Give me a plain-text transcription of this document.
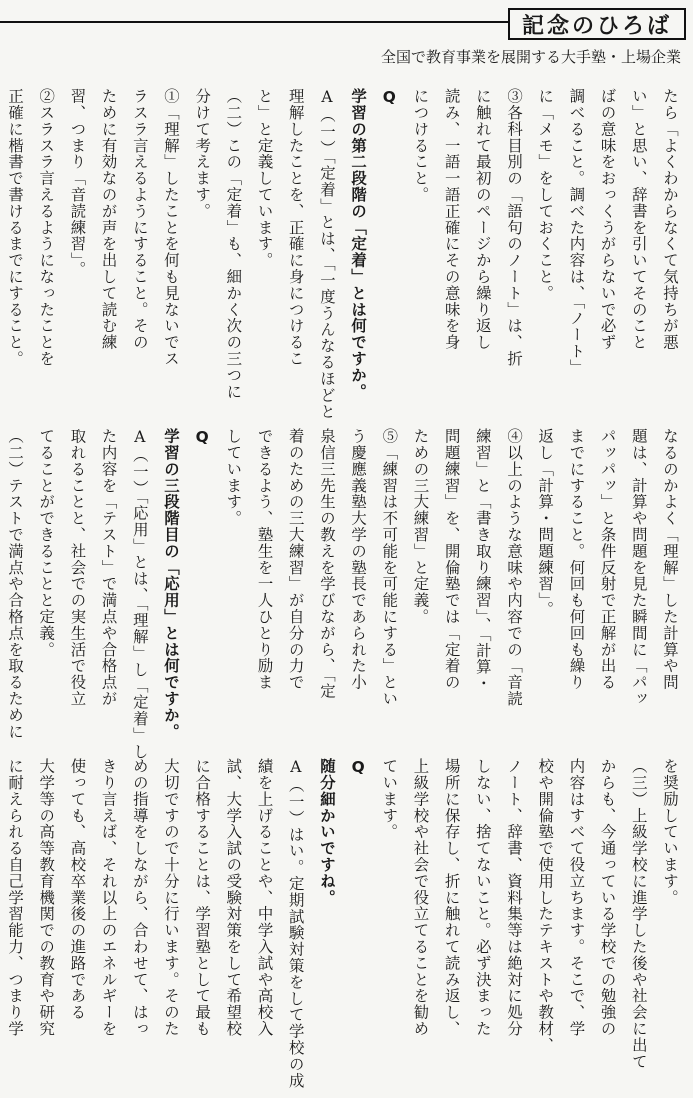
記念のひろば
全国で教育事業を展開する大手塾・上場企業
たら「よくわからなくて気持ちが悪
い」と思い、辞書を引いてそのこと
ばの意味をおっくうがらないで必ず
調べること。調べた内容は、「ノート」
に「メモ」をしておくこと。
③各科目別の「語句のノート」は、折
に触れて最初のページから繰り返し
読み、一語一語正確にその意味を身
につけること。
Q
学習の第二段階の「定着」とは何ですか。
A（一）「定着」とは、「一度うんなるほどと
理解したことを、正確に身につけるこ
と」と定義しています。
（二）この「定着」も、細かく次の三つに
分けて考えます。
①「理解」したことを何も見ないでス
ラスラ言えるようにすること。その
ために有効なのが声を出して読む練
習、つまり「音読練習」。
②スラスラ言えるようになったことを
正確に楷書で書けるまでにすること。
なるのかよく「理解」した計算や問
題は、計算や問題を見た瞬間に「パッ
パッパッ」と条件反射で正解が出る
までにすること。何回も何回も繰り
返し「計算・問題練習」。
④以上のような意味や内容での「音読
練習」と「書き取り練習」、「計算・
問題練習」を、開倫塾では「定着の
ための三大練習」と定義。
⑤「練習は不可能を可能にする」とい
う慶應義塾大学の塾長であられた小
泉信三先生の教えを学びながら、「定
着のための三大練習」が自分の力で
できるよう、塾生を一人ひとり励ま
しています。
Q
学習の三段階目の「応用」とは何ですか。
A（一）「応用」とは、「理解」し「定着」し
た内容を「テスト」で満点や合格点が
取れることと、社会での実生活で役立
てることができることと定義。
（二）テストで満点や合格点を取るために
を奨励しています。
（三）上級学校に進学した後や社会に出て
からも、今通っている学校での勉強の
内容はすべて役立ちます。そこで、学
校や開倫塾で使用したテキストや教材、
ノート、辞書、資料集等は絶対に処分
しない、捨てないこと。必ず決まった
場所に保存し、折に触れて読み返し、
上級学校や社会で役立てることを勧め
ています。
Q
随分細かいですね。
A（一）はい。定期試験対策をして学校の成
績を上げることや、中学入試や高校入
試、大学入試の受験対策をして希望校
に合格することは、学習塾として最も
大切ですので十分に行います。そのた
めの指導をしながら、合わせて、はっ
きり言えば、それ以上のエネルギーを
使っても、高校卒業後の進路である
大学等の高等教育機関での教育や研究
に耐えられる自己学習能力、つまり学
